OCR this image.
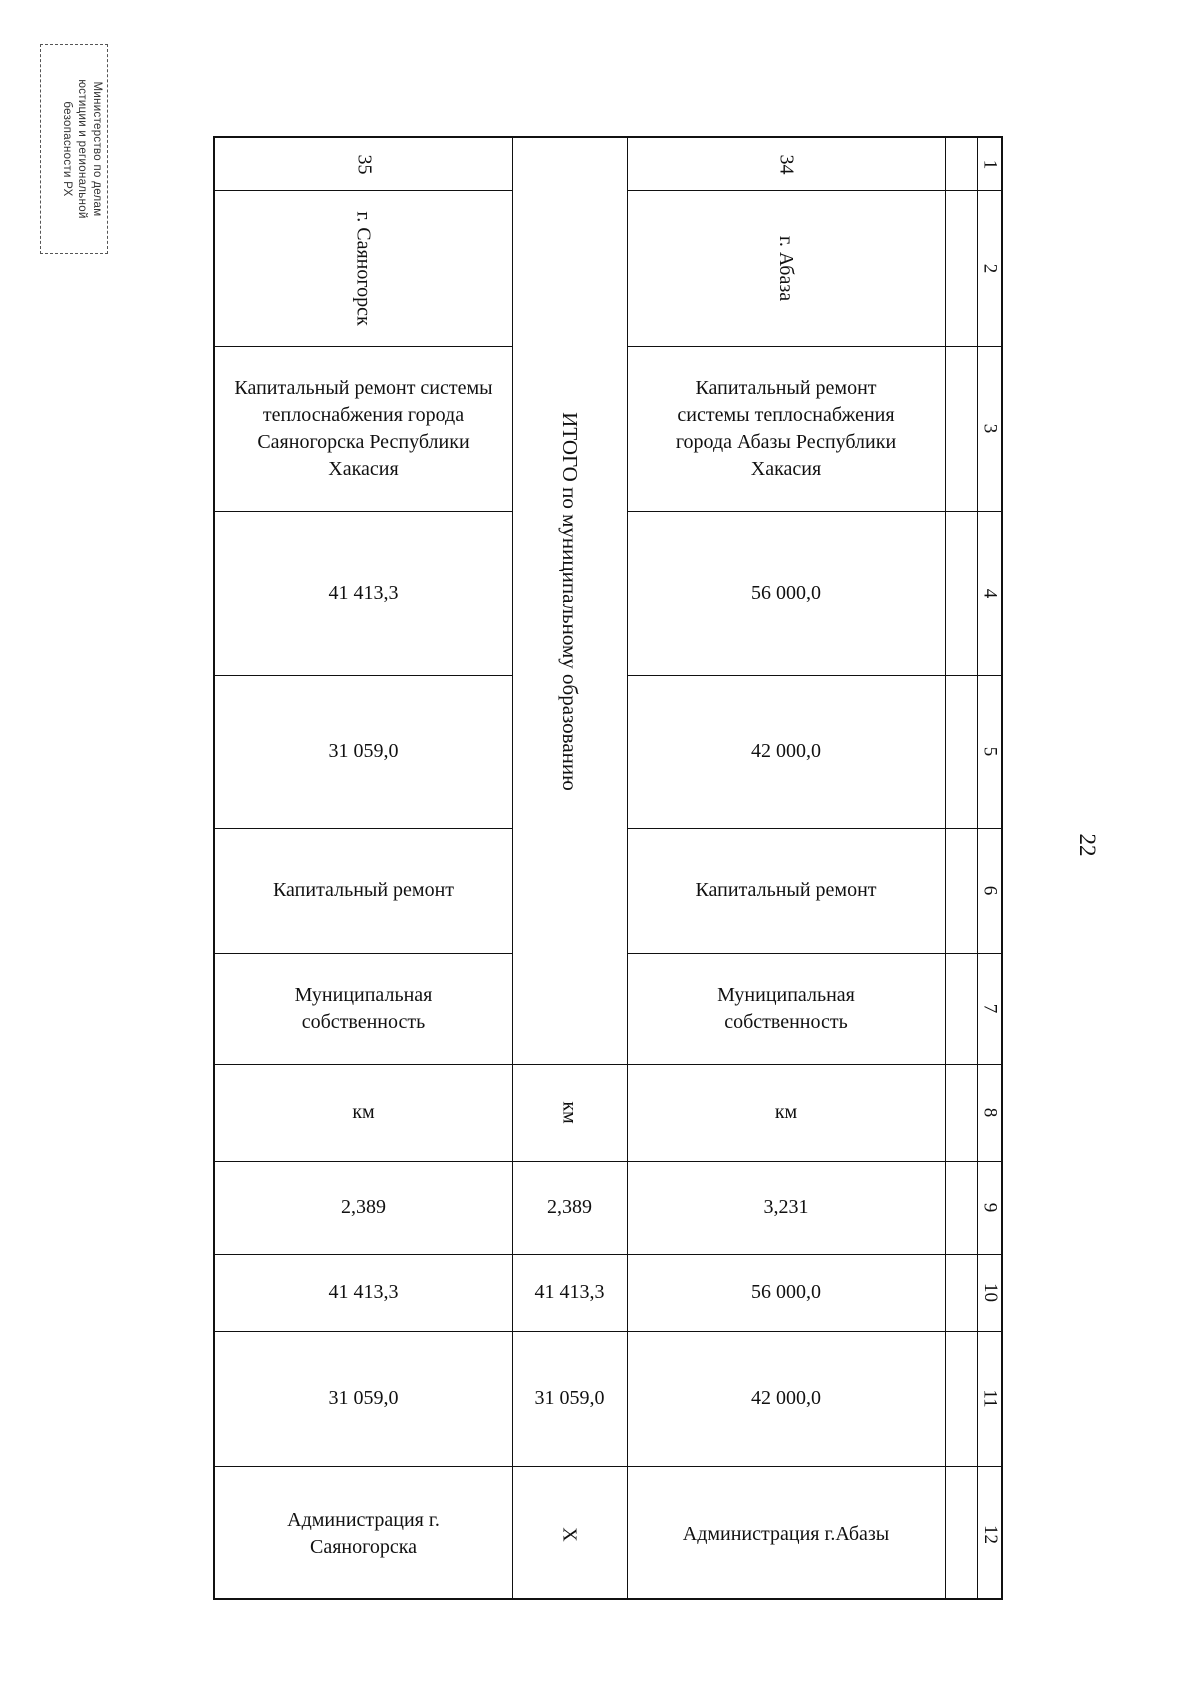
Министерство по делам
юстиции и региональной
безопасности РХ
22
1
2
3
4
5
6
7
8
9
10
11
12
34
г. Абаза
Капитальный ремонт системы теплоснабжения города Абазы Республики Хакасия
56 000,0
42 000,0
Капитальный ремонт
Муниципальная собственность
км
3,231
56 000,0
42 000,0
Администрация г.Абазы
35
Капитальный ремонт системы теплоснабжения города Саяногорска Республики Хакасия
41 413,3
31 059,0
Капитальный ремонт
Муниципальная собственность
км
2,389
41 413,3
31 059,0
Администрация г. Саяногорска
г. Саяногорск
ИТОГО по муниципальному образованию
км
2,389
41 413,3
31 059,0
Х
